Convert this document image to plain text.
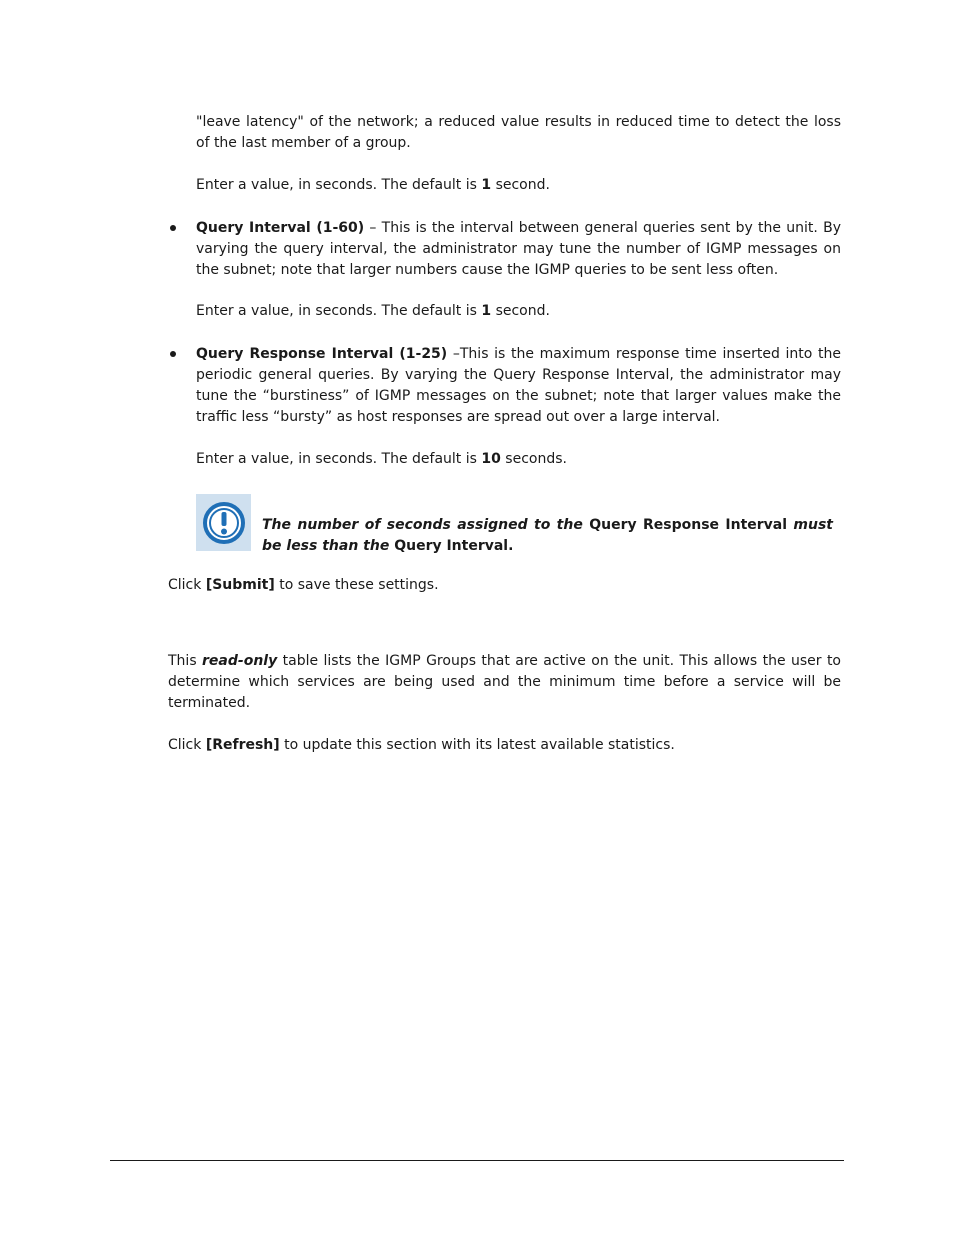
"leave latency" of the network; a reduced value results in reduced time to detect the loss of the last member of a group.

Enter a value, in seconds. The default is 1 second.

Query Interval (1-60) – This is the interval between general queries sent by the unit. By varying the query interval, the administrator may tune the number of IGMP messages on the subnet; note that larger numbers cause the IGMP queries to be sent less often.

Enter a value, in seconds. The default is 1 second.

Query Response Interval (1-25) –This is the maximum response time inserted into the periodic general queries. By varying the Query Response Interval, the administrator may tune the “burstiness” of IGMP messages on the subnet; note that larger values make the traffic less “bursty” as host responses are spread out over a large interval.

Enter a value, in seconds. The default is 10 seconds.

The number of seconds assigned to the Query Response Interval must be less than the Query Interval.

Click [Submit] to save these settings.

This read-only table lists the IGMP Groups that are active on the unit. This allows the user to determine which services are being used and the minimum time before a service will be terminated.

Click [Refresh] to update this section with its latest available statistics.
